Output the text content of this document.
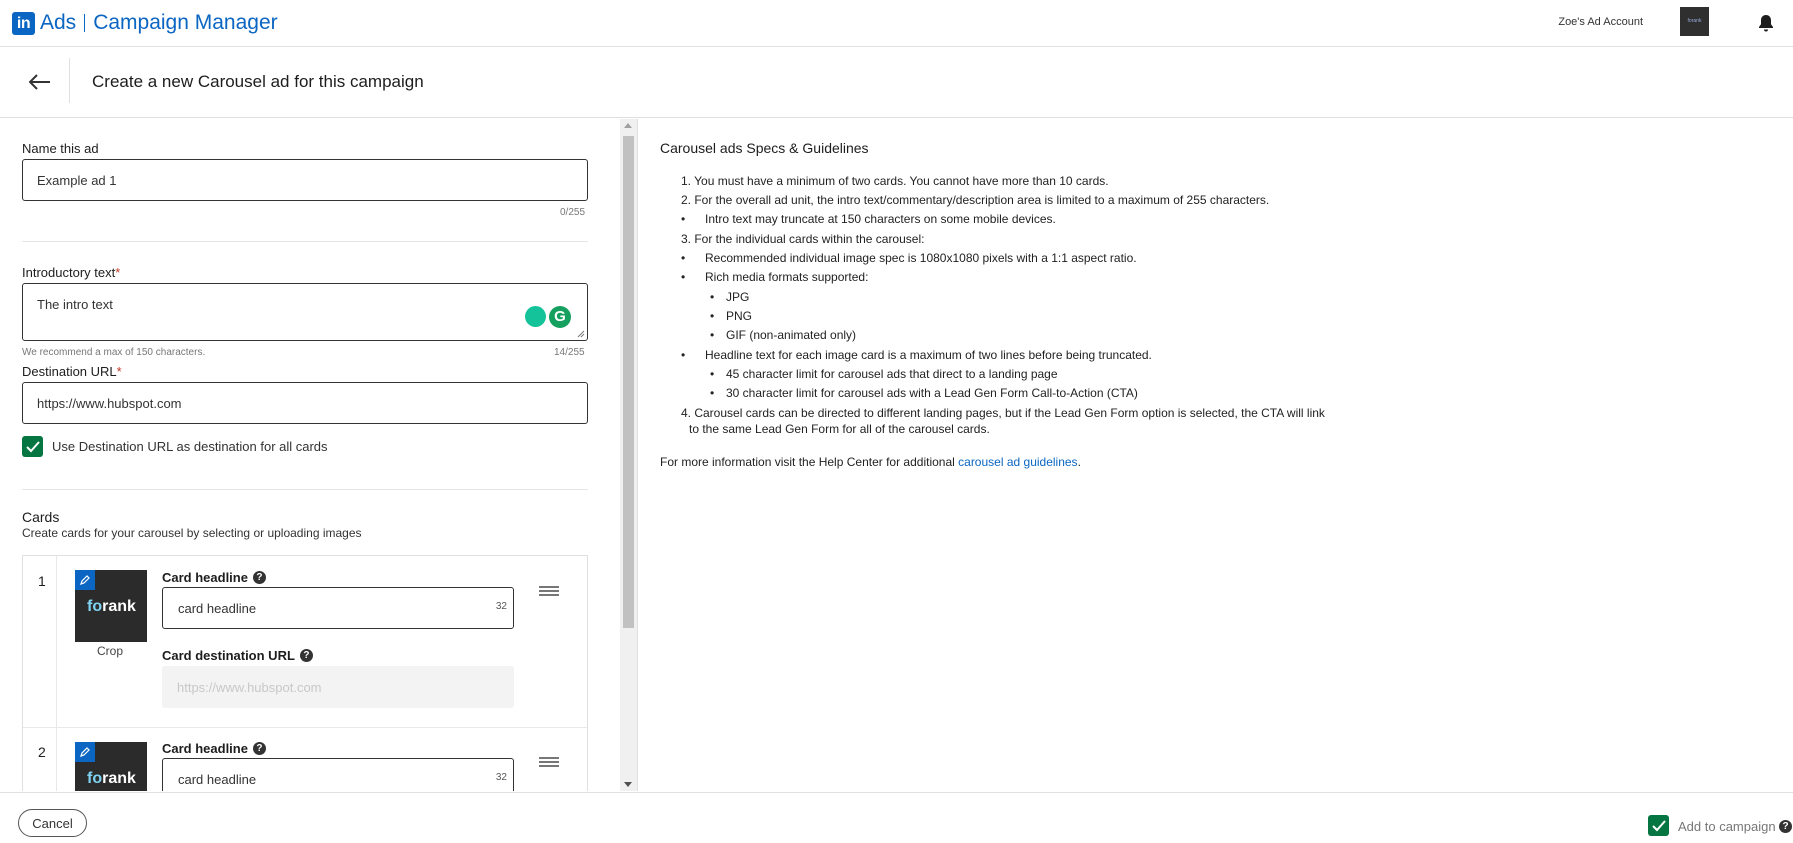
in Ads Campaign Manager	Zoe's Ad Account	forank
Create a new Carousel ad for this campaign
Name this ad
Example ad 1
0/255
Introductory text*
The intro text
G
We recommend a max of 150 characters.	14/255
Destination URL*
https://www.hubspot.com
Use Destination URL as destination for all cards
Cards
Create cards for your carousel by selecting or uploading images
1
forank
Crop
Card headline ?
card headline	32
Card destination URL ?
https://www.hubspot.com
2
forank
Card headline ?
card headline	32
Carousel ads Specs & Guidelines
1. You must have a minimum of two cards. You cannot have more than 10 cards.
2. For the overall ad unit, the intro text/commentary/description area is limited to a maximum of 255 characters.
• Intro text may truncate at 150 characters on some mobile devices.
3. For the individual cards within the carousel:
• Recommended individual image spec is 1080x1080 pixels with a 1:1 aspect ratio.
• Rich media formats supported:
• JPG
• PNG
• GIF (non-animated only)
• Headline text for each image card is a maximum of two lines before being truncated.
• 45 character limit for carousel ads that direct to a landing page
• 30 character limit for carousel ads with a Lead Gen Form Call-to-Action (CTA)
4. Carousel cards can be directed to different landing pages, but if the Lead Gen Form option is selected, the CTA will link
to the same Lead Gen Form for all of the carousel cards.
For more information visit the Help Center for additional carousel ad guidelines.
Cancel	Add to campaign ?
